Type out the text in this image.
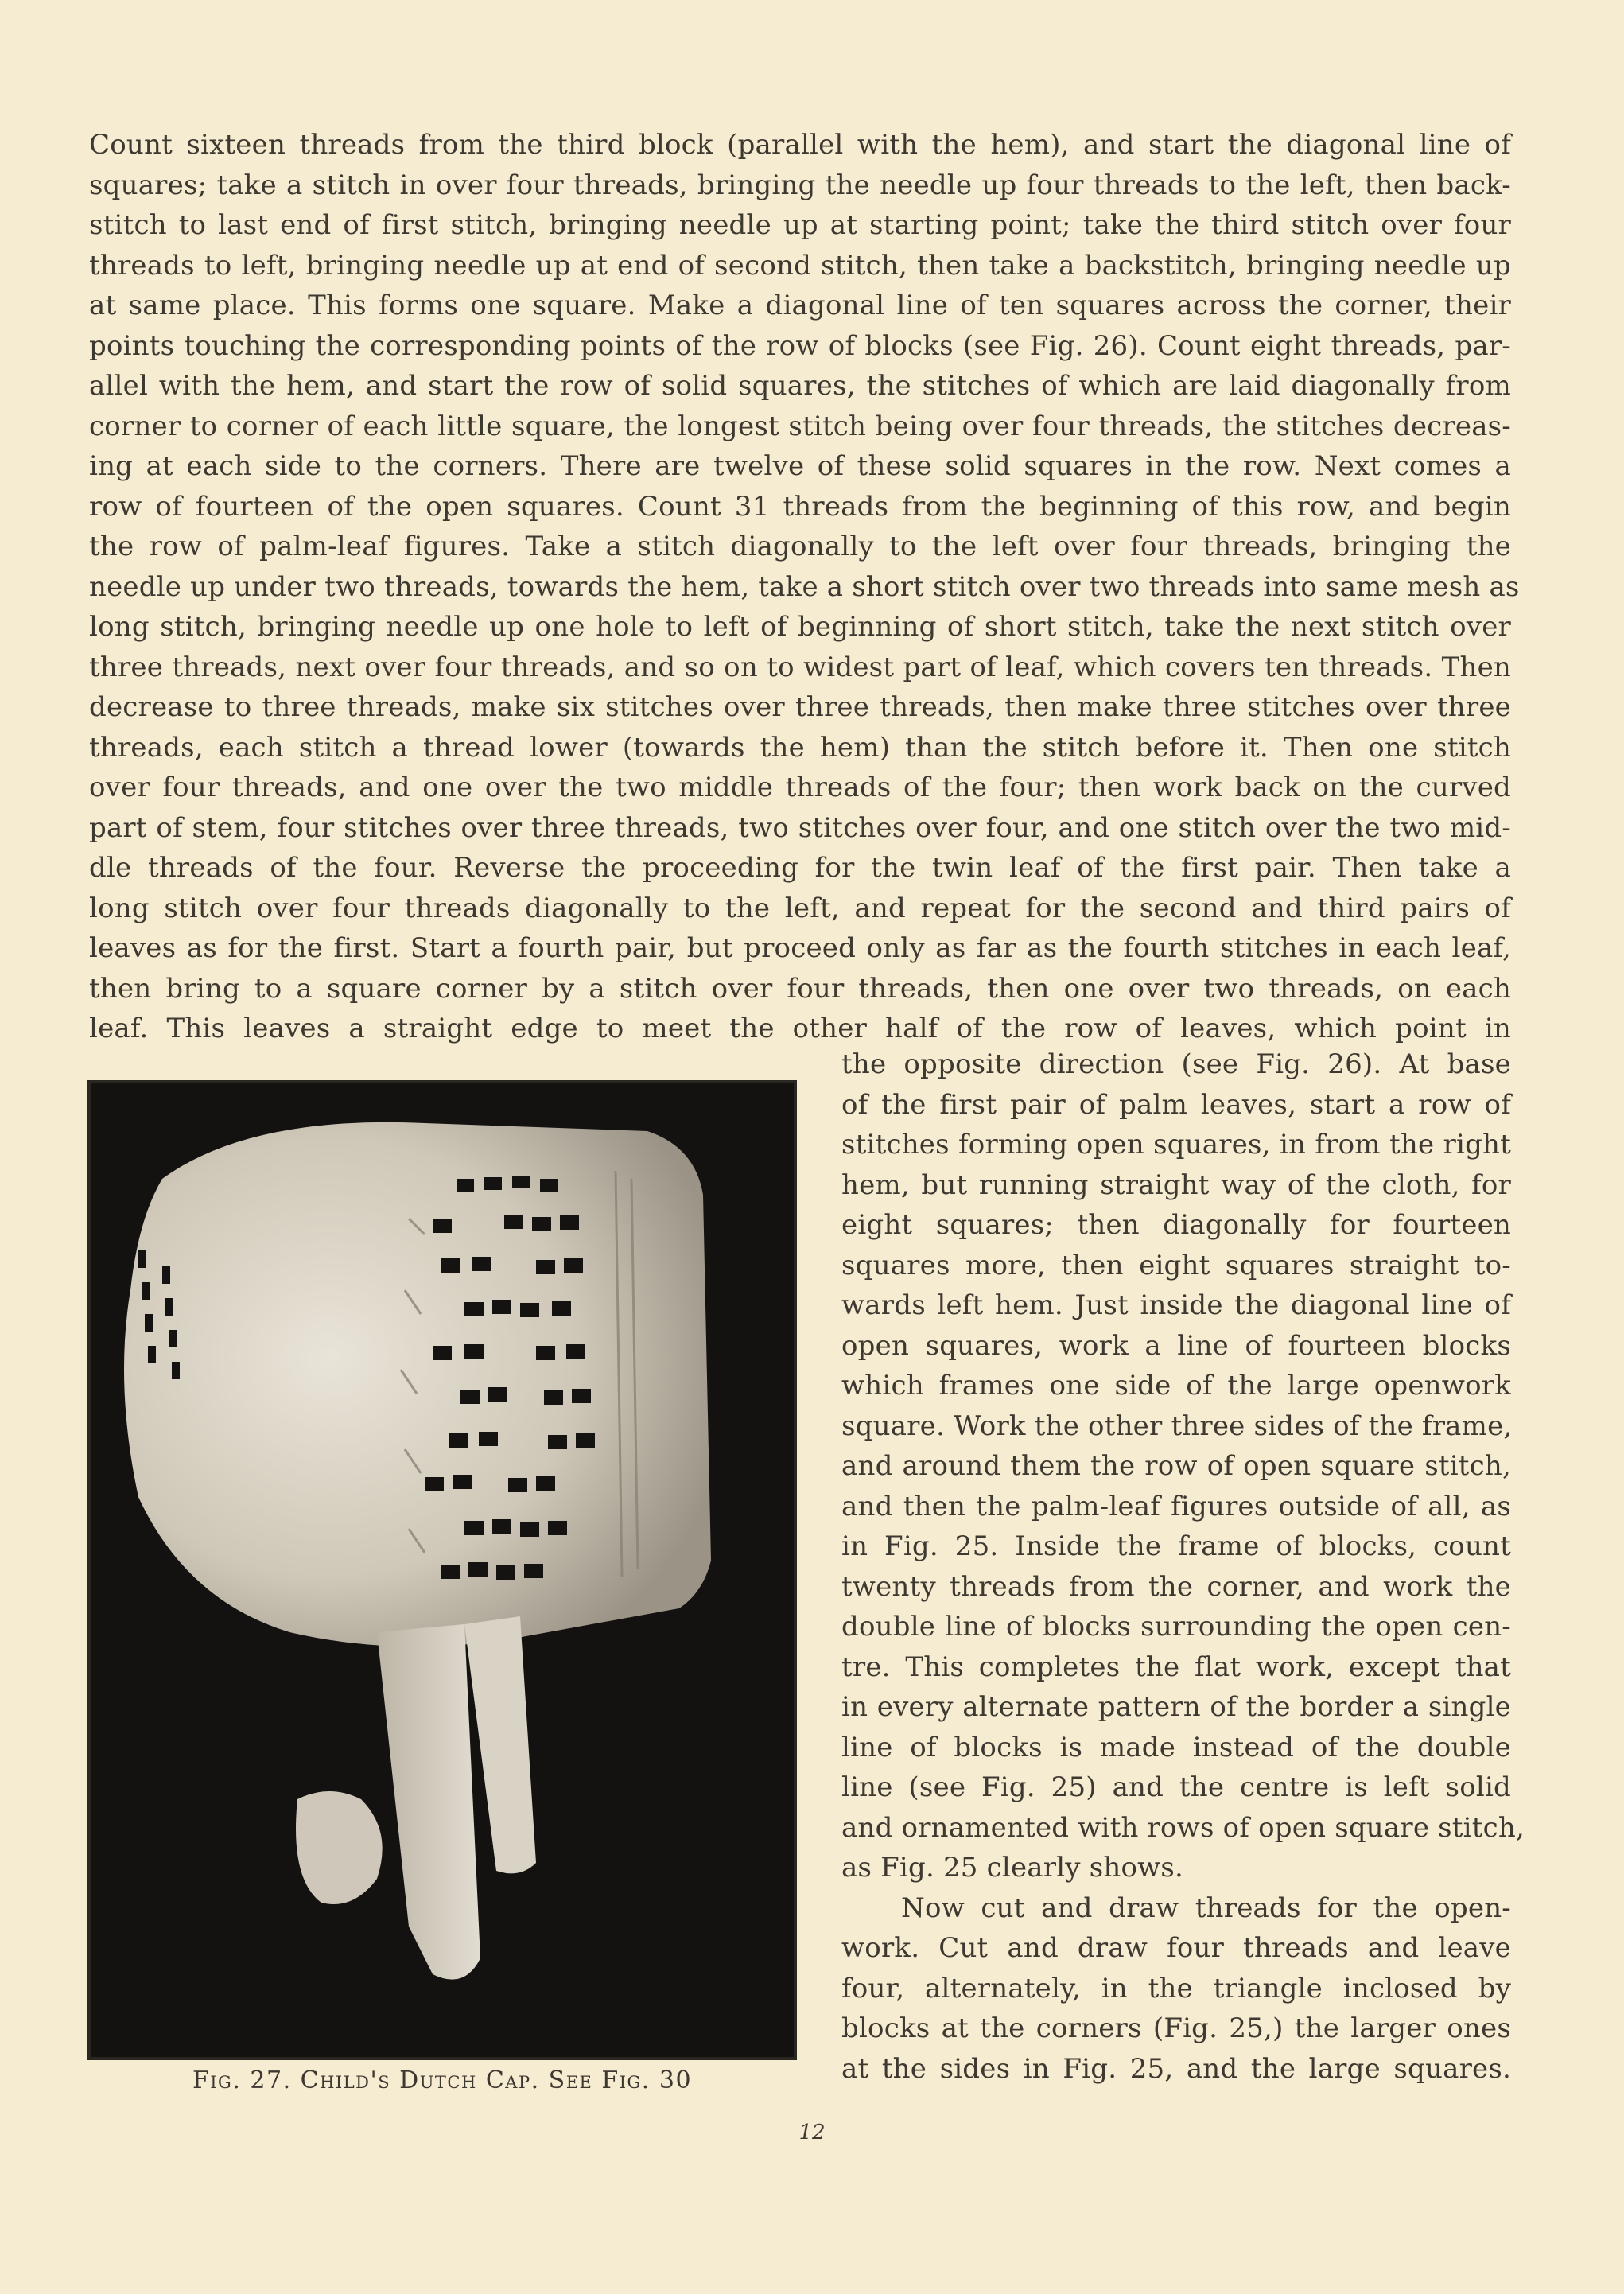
Count sixteen threads from the third block (parallel with the hem), and start the diagonal line of
squares; take a stitch in over four threads, bringing the needle up four threads to the left, then back-
stitch to last end of first stitch, bringing needle up at starting point; take the third stitch over four
threads to left, bringing needle up at end of second stitch, then take a backstitch, bringing needle up
at same place. This forms one square. Make a diagonal line of ten squares across the corner, their
points touching the corresponding points of the row of blocks (see Fig. 26). Count eight threads, par-
allel with the hem, and start the row of solid squares, the stitches of which are laid diagonally from
corner to corner of each little square, the longest stitch being over four threads, the stitches decreas-
ing at each side to the corners. There are twelve of these solid squares in the row. Next comes a
row of fourteen of the open squares. Count 31 threads from the beginning of this row, and begin
the row of palm-leaf figures. Take a stitch diagonally to the left over four threads, bringing the
needle up under two threads, towards the hem, take a short stitch over two threads into same mesh as
long stitch, bringing needle up one hole to left of beginning of short stitch, take the next stitch over
three threads, next over four threads, and so on to widest part of leaf, which covers ten threads. Then
decrease to three threads, make six stitches over three threads, then make three stitches over three
threads, each stitch a thread lower (towards the hem) than the stitch before it. Then one stitch
over four threads, and one over the two middle threads of the four; then work back on the curved
part of stem, four stitches over three threads, two stitches over four, and one stitch over the two mid-
dle threads of the four. Reverse the proceeding for the twin leaf of the first pair. Then take a
long stitch over four threads diagonally to the left, and repeat for the second and third pairs of
leaves as for the first. Start a fourth pair, but proceed only as far as the fourth stitches in each leaf,
then bring to a square corner by a stitch over four threads, then one over two threads, on each
leaf. This leaves a straight edge to meet the other half of the row of leaves, which point in
Fig. 27. Child's Dutch Cap. See Fig. 30
the opposite direction (see Fig. 26). At base
of the first pair of palm leaves, start a row of
stitches forming open squares, in from the right
hem, but running straight way of the cloth, for
eight squares; then diagonally for fourteen
squares more, then eight squares straight to-
wards left hem. Just inside the diagonal line of
open squares, work a line of fourteen blocks
which frames one side of the large openwork
square. Work the other three sides of the frame,
and around them the row of open square stitch,
and then the palm-leaf figures outside of all, as
in Fig. 25. Inside the frame of blocks, count
twenty threads from the corner, and work the
double line of blocks surrounding the open cen-
tre. This completes the flat work, except that
in every alternate pattern of the border a single
line of blocks is made instead of the double
line (see Fig. 25) and the centre is left solid
and ornamented with rows of open square stitch,
as Fig. 25 clearly shows.
Now cut and draw threads for the open-
work. Cut and draw four threads and leave
four, alternately, in the triangle inclosed by
blocks at the corners (Fig. 25,) the larger ones
at the sides in Fig. 25, and the large squares.
12
